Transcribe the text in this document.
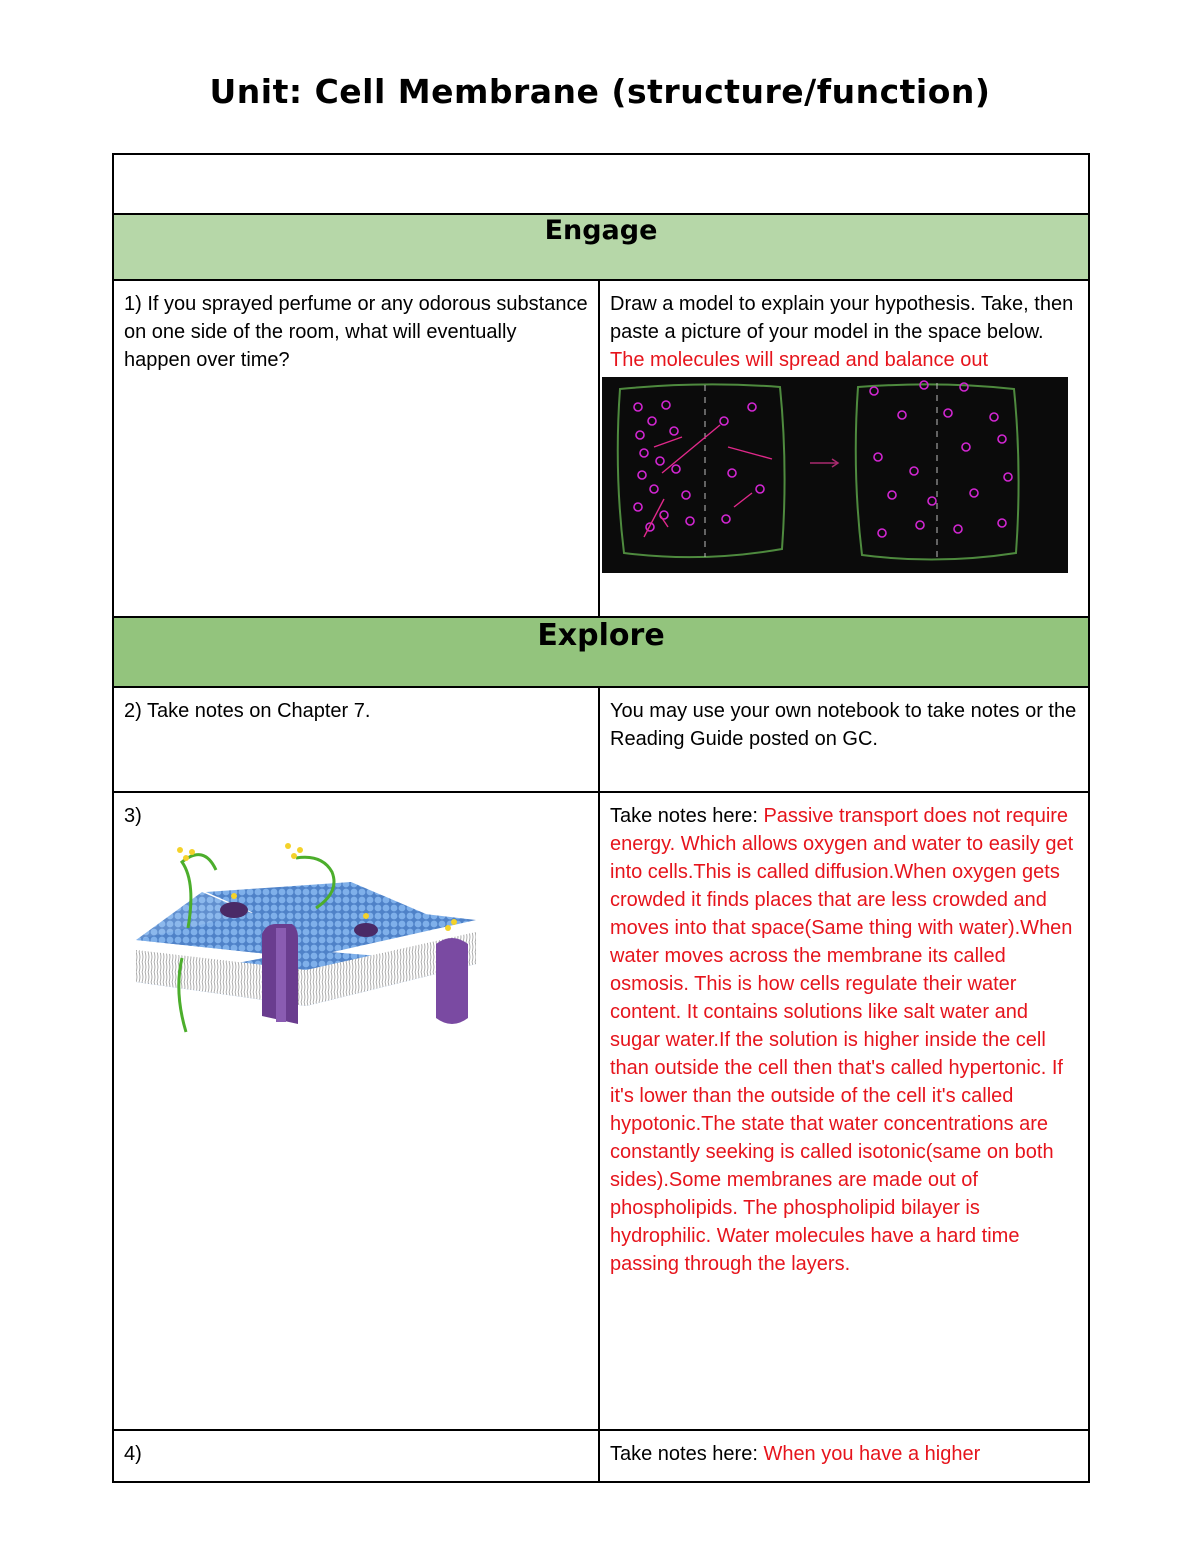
Unit: Cell Membrane (structure/function)

Engage	

1) If you sprayed perfume or any odorous substance on one side of the room, what will eventually happen over time?	Draw a model to explain your hypothesis. Take, then paste a picture of your model in the space below. The molecules will spread and balance out

Explore	

2) Take notes on Chapter 7.	You may use your own notebook to take notes or the Reading Guide posted on GC.

3)	Take notes here: Passive transport does not require energy. Which allows oxygen and water to easily get into cells.This is called diffusion.When oxygen gets crowded it finds places that are less crowded and moves into that space(Same thing with water).When water moves across the membrane its called osmosis. This is how cells regulate their water content. It contains solutions like salt water and sugar water.If the solution is higher inside the cell than outside the cell then that's called hypertonic. If it's lower than the outside of the cell it's called hypotonic.The state that water concentrations are constantly seeking is called isotonic(same on both sides).Some membranes are made out of phospholipids. The phospholipid bilayer is hydrophilic. Water molecules have a hard time passing through the layers.

4)	Take notes here: When you have a higher
